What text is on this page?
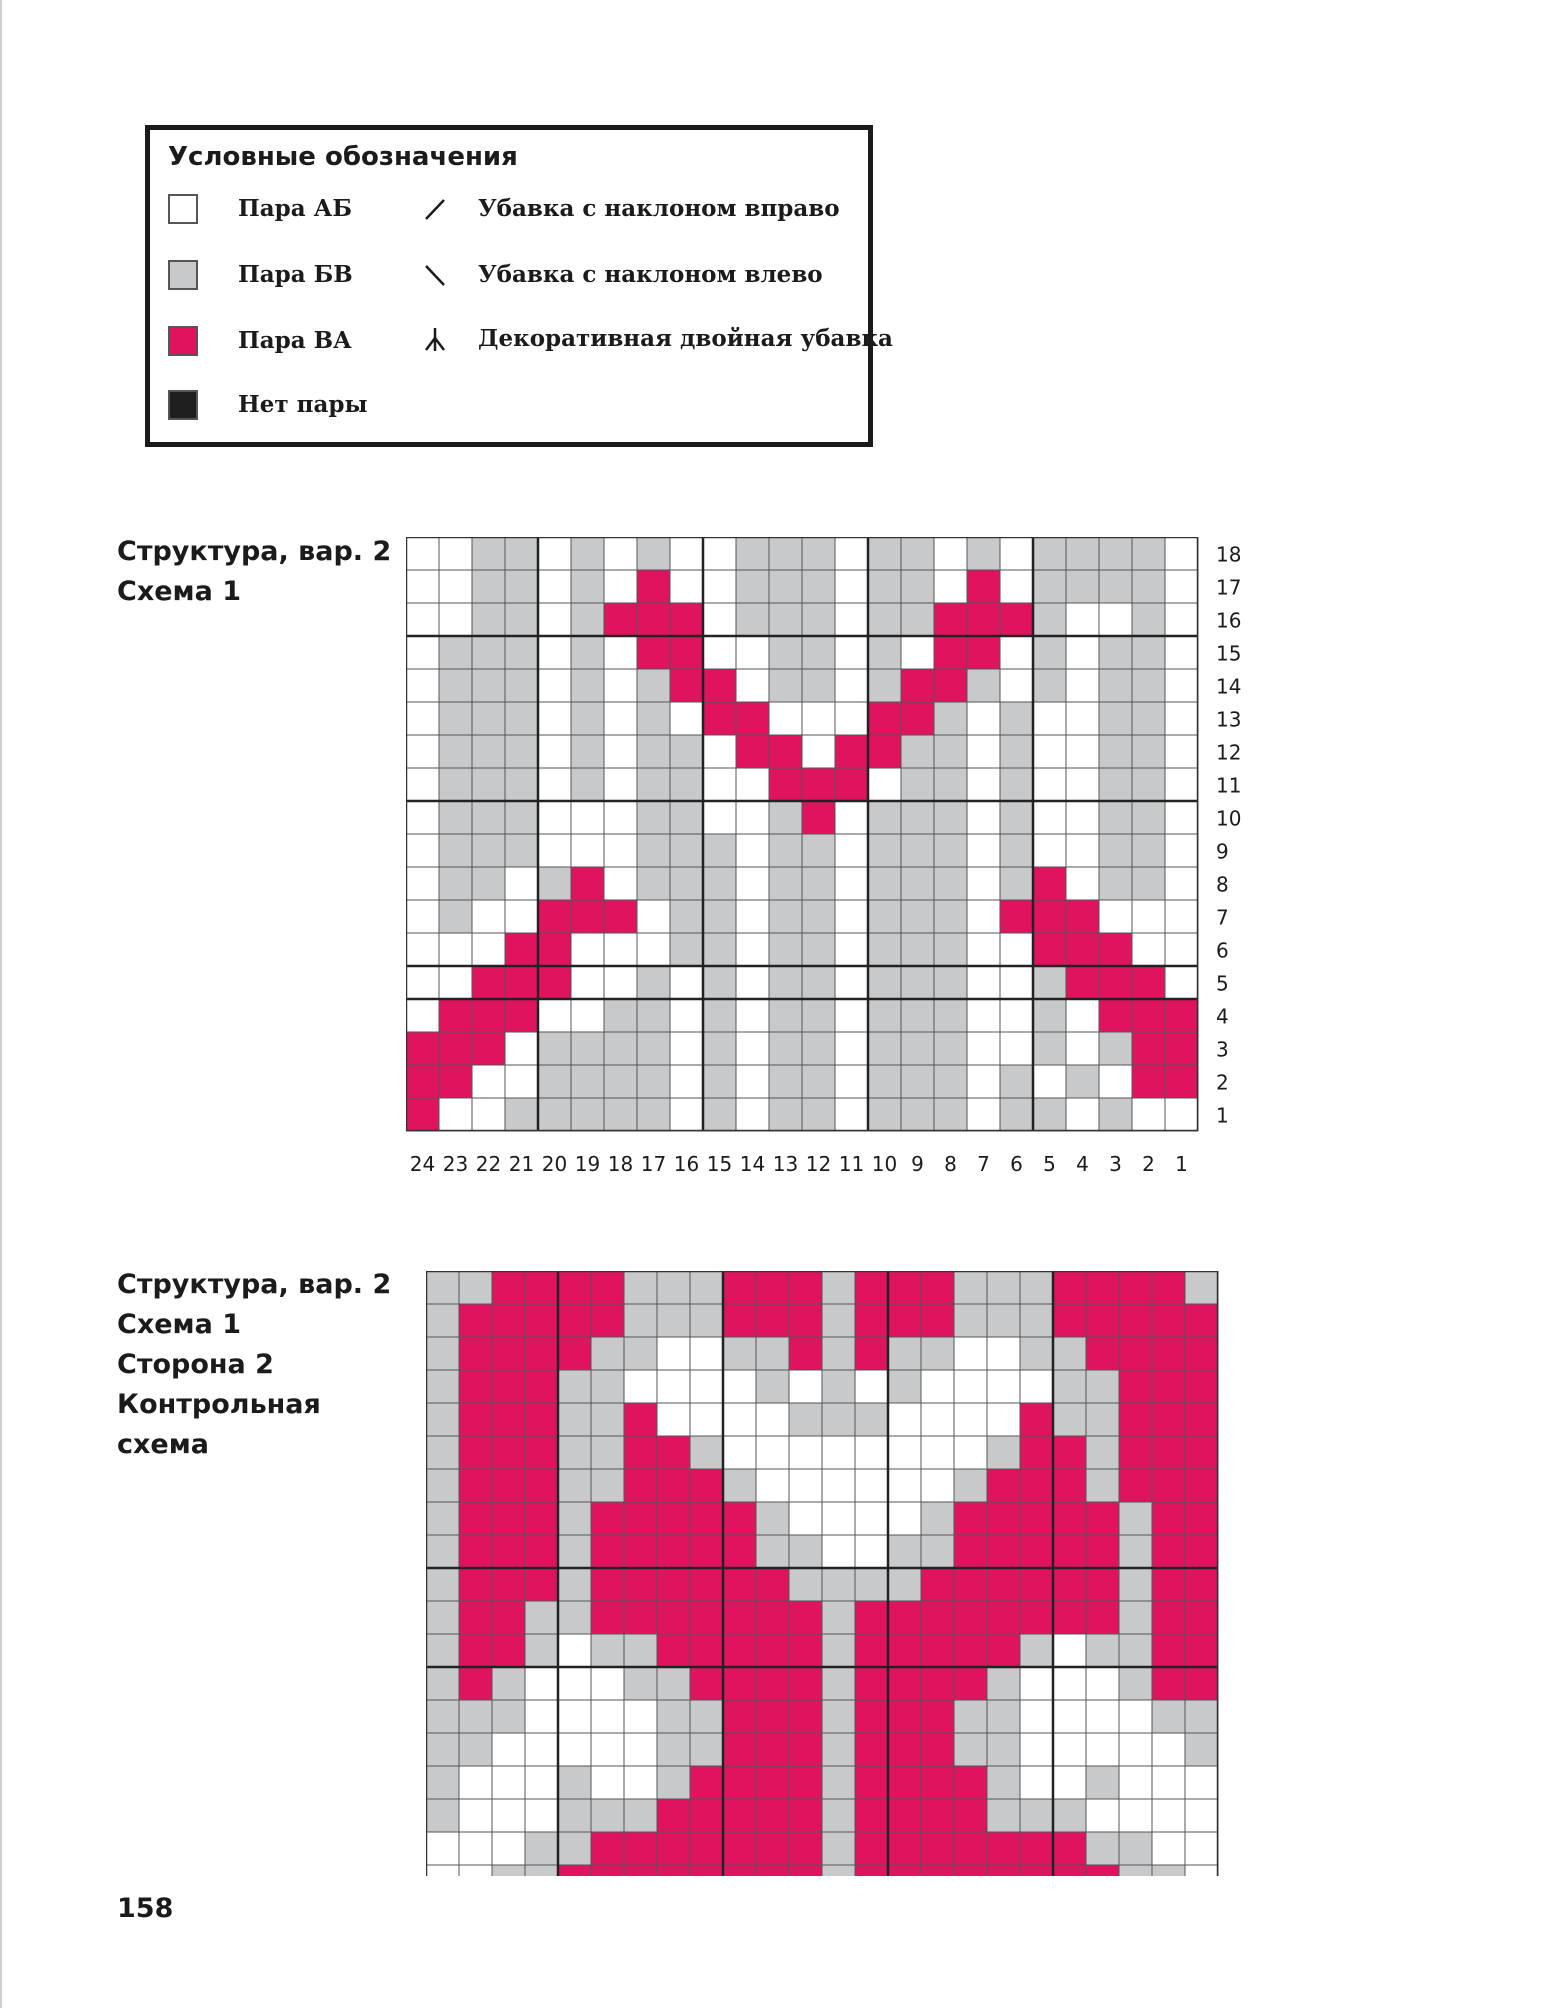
Условные обозначения
Пара АБ
Пара БВ
Пара ВА
Нет пары
Убавка с наклоном вправо
Убавка с наклоном влево
Декоративная двойная убавка
Структура, вар. 2
Схема 1
18
17
16
15
14
13
12
11
10
9
8
7
6
5
4
3
2
1
24 23 22 21 20 19 18 17 16 15 14 13 12 11 10 9 8 7 6 5 4 3 2 1
Структура, вар. 2
Схема 1
Сторона 2
Контрольная
схема
158
